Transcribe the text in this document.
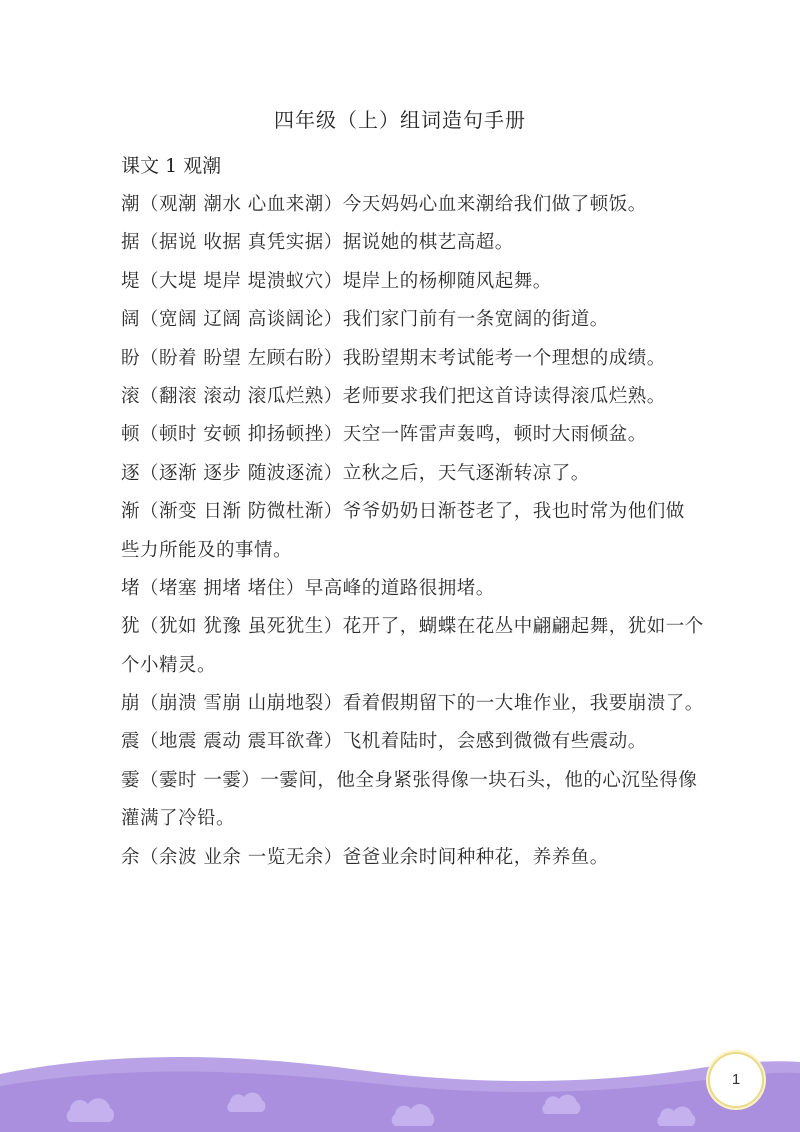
四年级（上）组词造句手册
课文 1 观潮
潮（观潮 潮水 心血来潮）今天妈妈心血来潮给我们做了顿饭。
据（据说 收据 真凭实据）据说她的棋艺高超。
堤（大堤 堤岸 堤溃蚁穴）堤岸上的杨柳随风起舞。
阔（宽阔 辽阔 高谈阔论）我们家门前有一条宽阔的街道。
盼（盼着 盼望 左顾右盼）我盼望期末考试能考一个理想的成绩。
滚（翻滚 滚动 滚瓜烂熟）老师要求我们把这首诗读得滚瓜烂熟。
顿（顿时 安顿 抑扬顿挫）天空一阵雷声轰鸣，顿时大雨倾盆。
逐（逐渐 逐步 随波逐流）立秋之后，天气逐渐转凉了。
渐（渐变 日渐 防微杜渐）爷爷奶奶日渐苍老了，我也时常为他们做
些力所能及的事情。
堵（堵塞 拥堵 堵住）早高峰的道路很拥堵。
犹（犹如 犹豫 虽死犹生）花开了，蝴蝶在花丛中翩翩起舞，犹如一个
个小精灵。
崩（崩溃 雪崩 山崩地裂）看着假期留下的一大堆作业，我要崩溃了。
震（地震 震动 震耳欲聋）飞机着陆时，会感到微微有些震动。
霎（霎时 一霎）一霎间，他全身紧张得像一块石头，他的心沉坠得像
灌满了冷铅。
余（余波 业余 一览无余）爸爸业余时间种种花，养养鱼。
1
